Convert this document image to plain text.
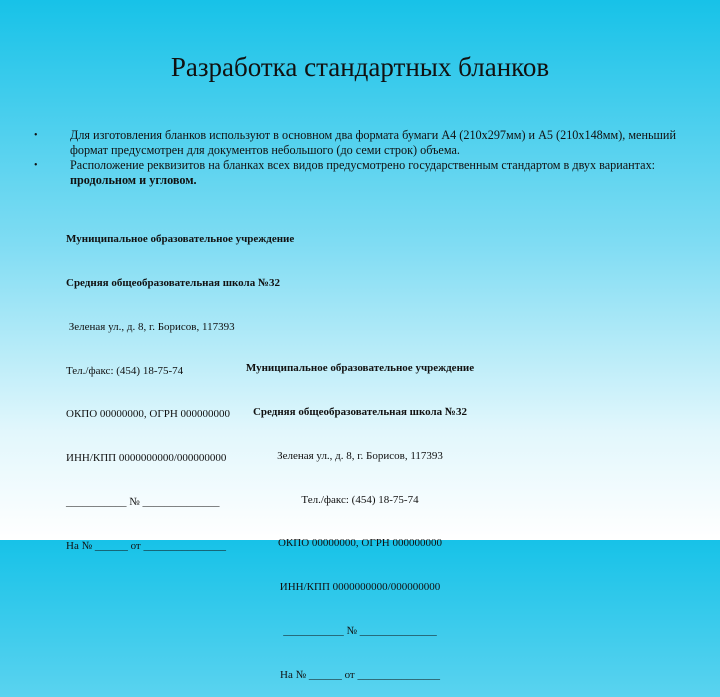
Разработка стандартных бланков
•	Для изготовления бланков используют в основном два формата бумаги А4 (210х297мм) и А5 (210х148мм), меньший формат предусмотрен для документов небольшого (до семи строк) объема.
•	Расположение реквизитов на бланках всех видов предусмотрено государственным стандартом в двух вариантах: продольном и угловом.

Муниципальное образовательное учреждение

Средняя общеобразовательная школа №32

Зеленая ул., д. 8, г. Борисов, 117393

Тел./факс: (454) 18-75-74

ОКПО 00000000, ОГРН 000000000

ИНН/КПП 0000000000/000000000

___________ № ______________

На № ______ от _______________

Муниципальное образовательное учреждение

Средняя общеобразовательная школа №32

Зеленая ул., д. 8, г. Борисов, 117393

Тел./факс: (454) 18-75-74

ОКПО 00000000, ОГРН 000000000

ИНН/КПП 0000000000/000000000

___________ № ______________

На № ______ от _______________
